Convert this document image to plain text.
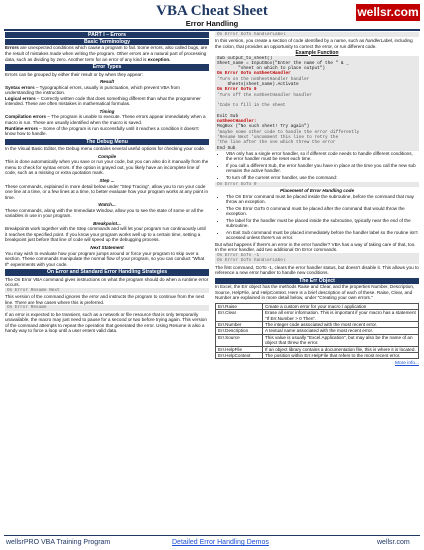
VBA Cheat Sheet
Error Handling
wellsr.com
PART I – Errors
Basic Terminology
Errors are unexpected conditions which cause a program to fail. Some errors, also called bugs, are the result of mistakes made when writing the program. Other errors are a natural part of processing data, such as dividing by zero. Another term for an error of any kind is exception.
Error Types
Errors can be grouped by either their result or by when they appear:
Result
Syntax errors – Typographical errors, usually in punctuation, which prevent VBA from understanding the instruction.
Logical errors – Correctly written code that does something different than what the programmer intended. These are often mistakes in mathematical formulas.
Timing
Compilation errors – The program is unable to execute. These errors appear immediately when a macro is run. These are usually identified when the macro is saved.
Runtime errors – Some of the program is run successfully until it reaches a condition it doesn't know how to handle.
The Debug Menu
In the Visual Basic Editor, the Debug menu contains several useful options for checking your code.
Compile
This is done automatically when you save or run your code, but you can also do it manually from the menu to check for syntax errors. If the option is grayed out, you likely have an incomplete line of code, such as a missing or extra quotation mark.
Step ...
These commands, explained in more detail below under "Step Tracing", allow you to run your code one line at a time, or a few lines at a time, to better evaluate how your program works at any point in time.
Watch...
These commands, along with the Immediate Window, allow you to see the state of some or all the variables in use in your program.
Breakpoint...
Breakpoints work together with the Step commands and will let your program run continuously until it reaches the specified point. If you know your program works well up to a certain time, setting a breakpoint just before that line of code will speed up the debugging process.
Next Statement
You may wish to evaluate how your program jumps around or force your program to skip over a section. These commands manipulate the normal flow of your program, so you can conduct "What If" experiments with your code.
On Error and Standard Error Handling Strategies
The On Error VBA command gives instructions on what the program should do when a runtime error occurs.
On Error Resume Next
This version of the command ignores the error and instructs the program to continue from the next line. There are few cases where this is preferred.
On Error Resume
If an error is expected to be transient, such as a network or file resource that is only temporarily unavailable, the macro may just need to pause for a second or two before trying again. This version of the command attempts to repeat the operation that generated the error. Using Resume is also a handy way to force a loop until a user enters valid data.
On Error GoTo handlerLabel
In this version, you create a section of code identified by a name, such as handlerLabel, including the colon, that provides an opportunity to correct the error, or run different code.
Example Function
Sub output_to_sheet()
Sheet_name = InputBox("Enter the name of the " & _
"sheet on which to place output")
On Error GoTo noSheetHandler
'Turn on the noSheetHandler handler
Sheets(sheet_name).Activate
On Error GoTo 0
'Turn off the noSheetHandler handler

'Code to fill in the sheet

Exit Sub
noSheetHandler:
MsgBox ("No such sheet! Try again")
'maybe some other code to handle the error differently
'Resume Next 'uncomment this line to retry the
'the line after the one which threw the error
End Sub
• VBA only has a single error handler, so if different code needs to handle different conditions, the error handler must be reset each time.
• If you call a different Sub, the error handler you have in place at the time you call the new sub remains the active handler.
• To turn off the current error handler, use the command:
On Error GoTo 0
Placement of Error Handling code
• The On Error command must be placed inside the subroutine, before the command that may throw an exception.
• The On Error GoTo 0 command must be placed after the command that would throw the exception.
• The label for the handler must be placed inside the subroutine, typically near the end of the subroutine.
• An Exit Sub command must be placed immediately before the handler label so the routine isn't accessed unless there's an error.
But what happens if there's an error in the error handler? VBA has a way of taking care of that, too. In the error handler, add two additional On Error commands.
On Error GoTo -1
On Error GoTo handlerLabel
The first command, GoTo -1, clears the error handler status, but doesn't disable it. This allows you to reference a new error handler to handle new conditions.
The Err Object
In Excel, the Err object has the methods Raise and Clear, and the properties Number, Description, Source, HelpFile, and HelpContext. Here is a brief description of each of these. Raise, Clear, and Number are explained in more detail below, under "Creating your own errors."
Err.Raise	Create a custom error for your macro / application
Err.Clear	Erase all error information. This is important if your macro has a statement "If Err.Number > 0 Then".
Err.Number	The integer code associated with the most recent error.
Err.Description	A textual name associated with the most recent error.
Err.Source	This value is usually "Excel.Application", but may also be the name of an object that threw the error.
Err.HelpFile	If an object library contains a documentation file, this is where it is located.
Err.HelpContext	The position within Err.HelpFile that refers to the most recent error.
More info...
wellsrPRO VBA Training Program	Detailed Error Handling Demos	wellsr.com
